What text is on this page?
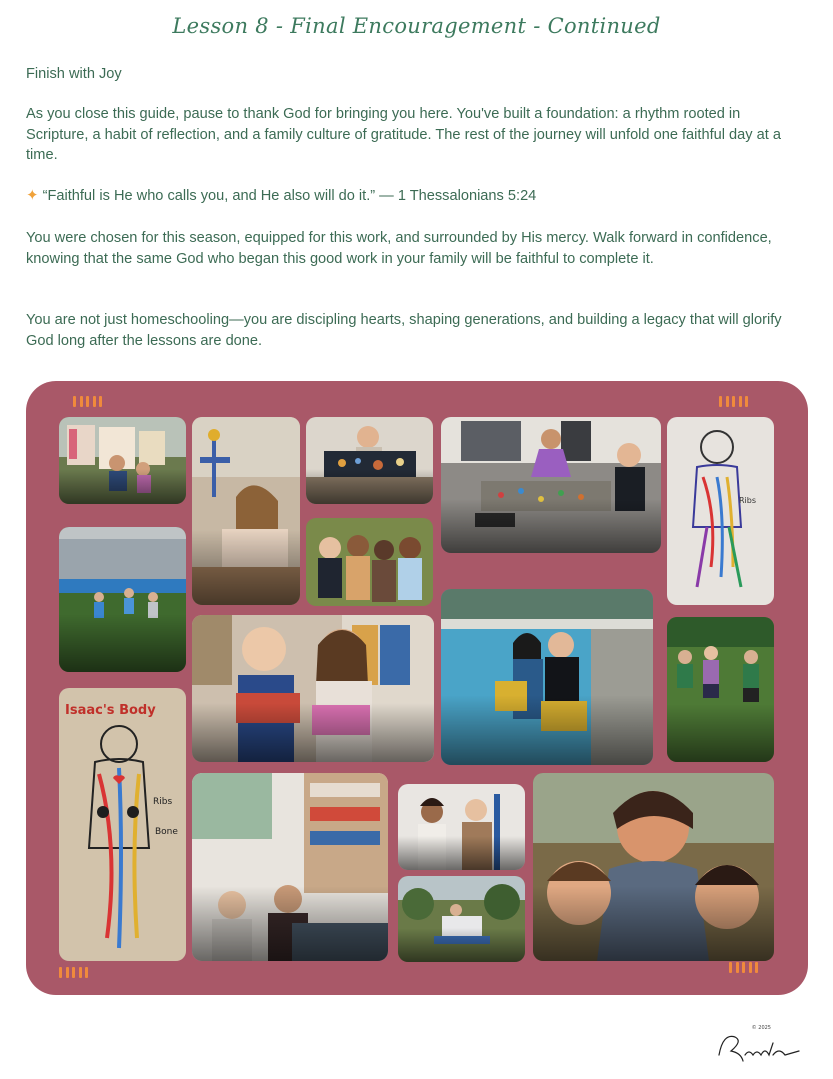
Lesson 8 - Final Encouragement - Continued
Finish with Joy
As you close this guide, pause to thank God for bringing you here. You've built a foundation: a rhythm rooted in Scripture, a habit of reflection, and a family culture of gratitude. The rest of the journey will unfold one faithful day at a time.
✦ “Faithful is He who calls you, and He also will do it.” — 1 Thessalonians 5:24
You were chosen for this season, equipped for this work, and surrounded by His mercy. Walk forward in confidence, knowing that the same God who began this good work in your family will be faithful to complete it.
You are not just homeschooling—you are discipling hearts, shaping generations, and building a legacy that will glorify God long after the lessons are done.
Ribs
Isaac's Body
Ribs
Bone
© 2025
